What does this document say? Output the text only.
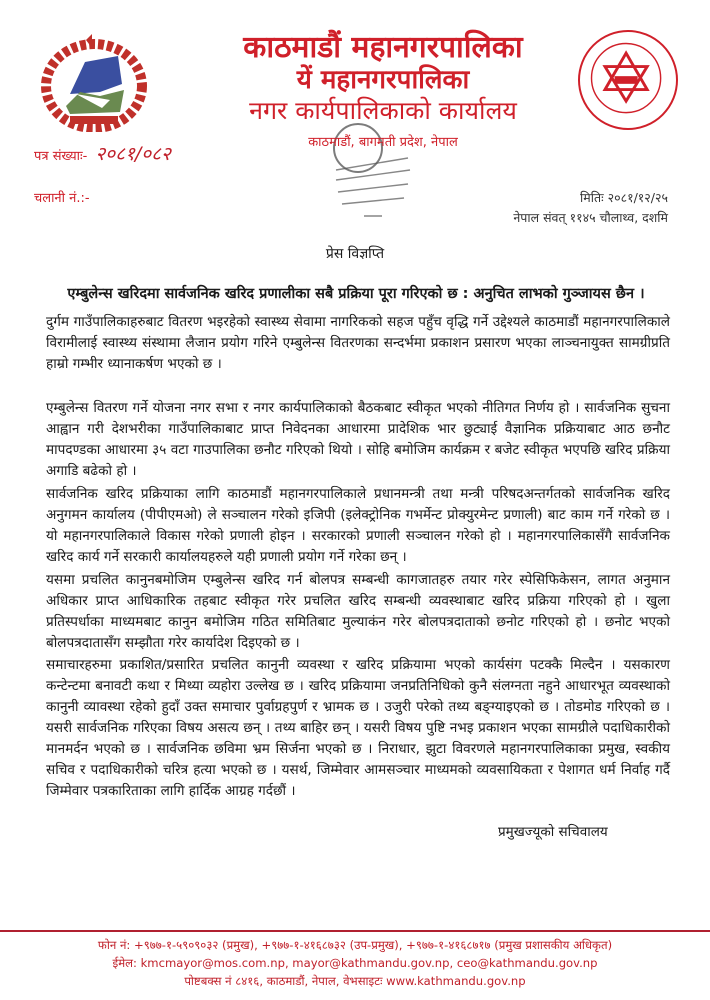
काठमाडौं महानगरपालिका
यें महानगरपालिका
नगर कार्यपालिकाको कार्यालय
काठमाडौं, बागमती प्रदेश, नेपाल
पत्र संख्याः- २०८१/०८२
चलानी नं.:-	मितिः २०८१/१२/२५
नेपाल संवत् ११४५ चौलाथ्व, दशमि
प्रेस विज्ञप्ति
एम्बुलेन्स खरिदमा सार्वजनिक खरिद प्रणालीका सबै प्रक्रिया पूरा गरिएको छ : अनुचित लाभको गुञ्जायस छैन ।

दुर्गम गाउँपालिकाहरुबाट वितरण भइरहेको स्वास्थ्य सेवामा नागरिकको सहज पहुँच वृद्धि गर्ने उद्देश्यले काठमाडौं महानगरपालिकाले विरामीलाई स्वास्थ्य संस्थामा लैजान प्रयोग गरिने एम्बुलेन्स वितरणका सन्दर्भमा प्रकाशन प्रसारण भएका लाञ्चनायुक्त सामग्रीप्रति हाम्रो गम्भीर ध्यानाकर्षण भएको छ ।

एम्बुलेन्स वितरण गर्ने योजना नगर सभा र नगर कार्यपालिकाको बैठकबाट स्वीकृत भएको नीतिगत निर्णय हो । सार्वजनिक सुचना आह्वान गरी देशभरीका गाउँपालिकाबाट प्राप्त निवेदनका आधारमा प्रादेशिक भार छुट्याई वैज्ञानिक प्रक्रियाबाट आठ छनौट मापदण्डका आधारमा ३५ वटा गाउपालिका छनौट गरिएको थियो । सोहि बमोजिम कार्यक्रम र बजेट स्वीकृत भएपछि खरिद प्रक्रिया अगाडि बढेको हो ।

सार्वजनिक खरिद प्रक्रियाका लागि काठमाडौं महानगरपालिकाले प्रधानमन्त्री तथा मन्त्री परिषदअन्तर्गतको सार्वजनिक खरिद अनुगमन कार्यालय (पीपीएमओ) ले सञ्चालन गरेको इजिपी (इलेक्ट्रोनिक गभर्मेन्ट प्रोक्युरमेन्ट प्रणाली) बाट काम गर्ने गरेको छ । यो महानगरपालिकाले विकास गरेको प्रणाली होइन । सरकारको प्रणाली सञ्चालन गरेको हो । महानगरपालिकासँगै सार्वजनिक खरिद कार्य गर्ने सरकारी कार्यालयहरुले यही प्रणाली प्रयोग गर्ने गरेका छन् ।

यसमा प्रचलित कानुनबमोजिम एम्बुलेन्स खरिद गर्न बोलपत्र सम्बन्धी कागजातहरु तयार गरेर स्पेसिफिकेसन, लागत अनुमान अधिकार प्राप्त आधिकारिक तहबाट स्वीकृत गरेर प्रचलित खरिद सम्बन्धी व्यवस्थाबाट खरिद प्रक्रिया गरिएको हो । खुला प्रतिस्पर्धाका माध्यमबाट कानुन बमोजिम गठित समितिबाट मुल्याकंन गरेर बोलपत्रदाताको छनोट गरिएको हो । छनोट भएको बोलपत्रदातासँग सम्झौता गरेर कार्यादेश दिइएको छ ।

समाचारहरुमा प्रकाशित/प्रसारित प्रचलित कानुनी व्यवस्था र खरिद प्रक्रियामा भएको कार्यसंग पटक्कै मिल्दैन । यसकारण कन्टेन्टमा बनावटी कथा र मिथ्या व्यहोरा उल्लेख छ । खरिद प्रक्रियामा जनप्रतिनिधिको कुनै संलग्नता नहुने आधारभूत व्यवस्थाको कानुनी व्यावस्था रहेको हुदाँ उक्त समाचार पुर्वाग्रहपुर्ण र भ्रामक छ । उजुरी परेको तथ्य बङ्ग्याइएको छ । तोडमोड गरिएको छ । यसरी सार्वजनिक गरिएका विषय असत्य छन् । तथ्य बाहिर छन् । यसरी विषय पुष्टि नभइ प्रकाशन भएका सामग्रीले पदाधिकारीको मानमर्दन भएको छ । सार्वजनिक छविमा भ्रम सिर्जना भएको छ । निराधार, झुटा विवरणले महानगरपालिकाका प्रमुख, स्वकीय सचिव र पदाधिकारीको चरित्र हत्या भएको छ । यसर्थ, जिम्मेवार आमसञ्चार माध्यमको व्यवसायिकता र पेशागत धर्म निर्वाह गर्दै जिम्मेवार पत्रकारिताका लागि हार्दिक आग्रह गर्दछौं ।

प्रमुखज्यूको सचिवालय
फोन नं: +९७७-१-५९०९०३२ (प्रमुख), +९७७-१-४१६८७३२ (उप-प्रमुख), +९७७-१-४१६८७१७ (प्रमुख प्रशासकीय अधिकृत)
ईमेल: kmcmayor@mos.com.np, mayor@kathmandu.gov.np, ceo@kathmandu.gov.np
पोष्टबक्स नं ८४१६, काठमाडौं, नेपाल, वेभसाइटः www.kathmandu.gov.np
